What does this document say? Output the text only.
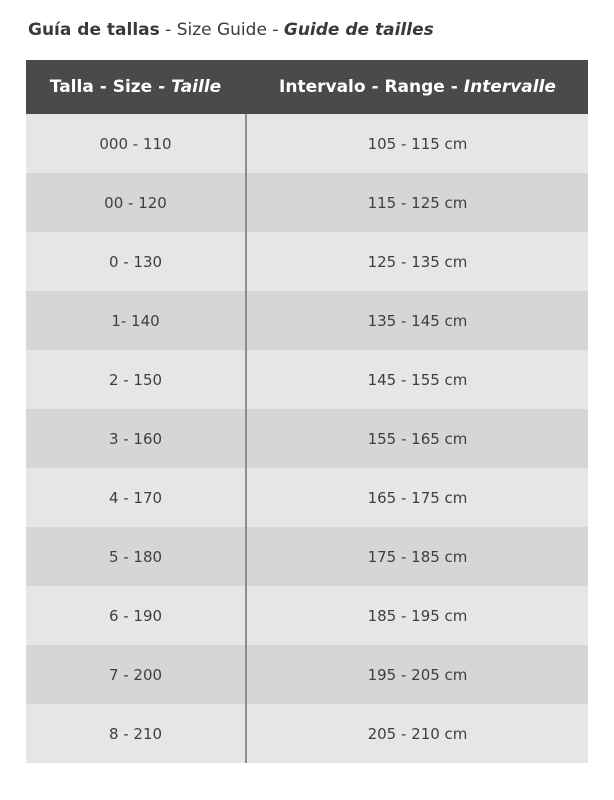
Guía de tallas - Size Guide - Guide de tailles
Talla - Size - Taille	Intervalo - Range - Intervalle
000 - 110	105 - 115 cm
00 - 120	115 - 125 cm
0 - 130	125 - 135 cm
1- 140	135 - 145 cm
2 - 150	145 - 155 cm
3 - 160	155 - 165 cm
4 - 170	165 - 175 cm
5 - 180	175 - 185 cm
6 - 190	185 - 195 cm
7 - 200	195 - 205 cm
8 - 210	205 - 210 cm
